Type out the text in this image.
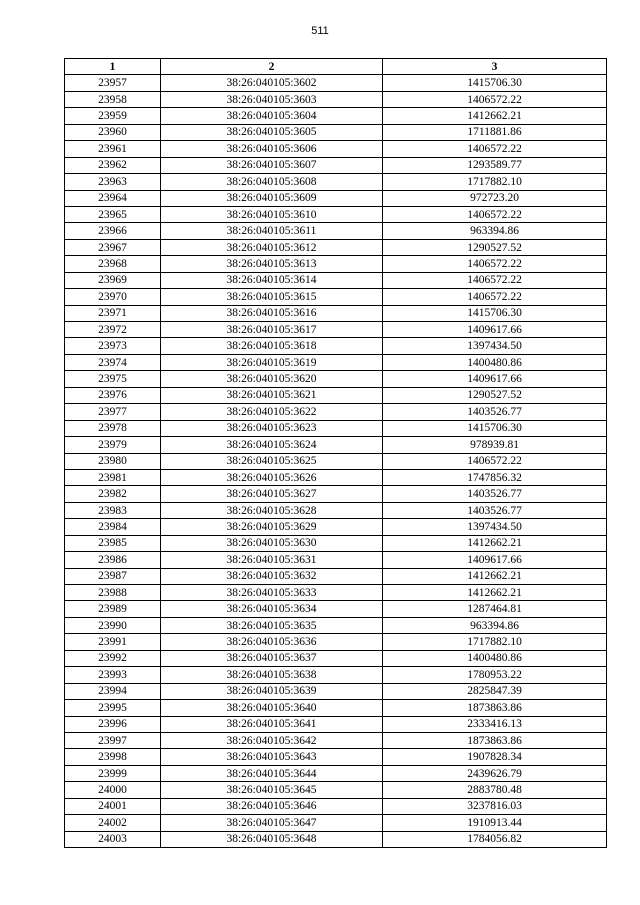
511
1	2	3
23957	38:26:040105:3602	1415706.30
23958	38:26:040105:3603	1406572.22
23959	38:26:040105:3604	1412662.21
23960	38:26:040105:3605	1711881.86
23961	38:26:040105:3606	1406572.22
23962	38:26:040105:3607	1293589.77
23963	38:26:040105:3608	1717882.10
23964	38:26:040105:3609	972723.20
23965	38:26:040105:3610	1406572.22
23966	38:26:040105:3611	963394.86
23967	38:26:040105:3612	1290527.52
23968	38:26:040105:3613	1406572.22
23969	38:26:040105:3614	1406572.22
23970	38:26:040105:3615	1406572.22
23971	38:26:040105:3616	1415706.30
23972	38:26:040105:3617	1409617.66
23973	38:26:040105:3618	1397434.50
23974	38:26:040105:3619	1400480.86
23975	38:26:040105:3620	1409617.66
23976	38:26:040105:3621	1290527.52
23977	38:26:040105:3622	1403526.77
23978	38:26:040105:3623	1415706.30
23979	38:26:040105:3624	978939.81
23980	38:26:040105:3625	1406572.22
23981	38:26:040105:3626	1747856.32
23982	38:26:040105:3627	1403526.77
23983	38:26:040105:3628	1403526.77
23984	38:26:040105:3629	1397434.50
23985	38:26:040105:3630	1412662.21
23986	38:26:040105:3631	1409617.66
23987	38:26:040105:3632	1412662.21
23988	38:26:040105:3633	1412662.21
23989	38:26:040105:3634	1287464.81
23990	38:26:040105:3635	963394.86
23991	38:26:040105:3636	1717882.10
23992	38:26:040105:3637	1400480.86
23993	38:26:040105:3638	1780953.22
23994	38:26:040105:3639	2825847.39
23995	38:26:040105:3640	1873863.86
23996	38:26:040105:3641	2333416.13
23997	38:26:040105:3642	1873863.86
23998	38:26:040105:3643	1907828.34
23999	38:26:040105:3644	2439626.79
24000	38:26:040105:3645	2883780.48
24001	38:26:040105:3646	3237816.03
24002	38:26:040105:3647	1910913.44
24003	38:26:040105:3648	1784056.82
